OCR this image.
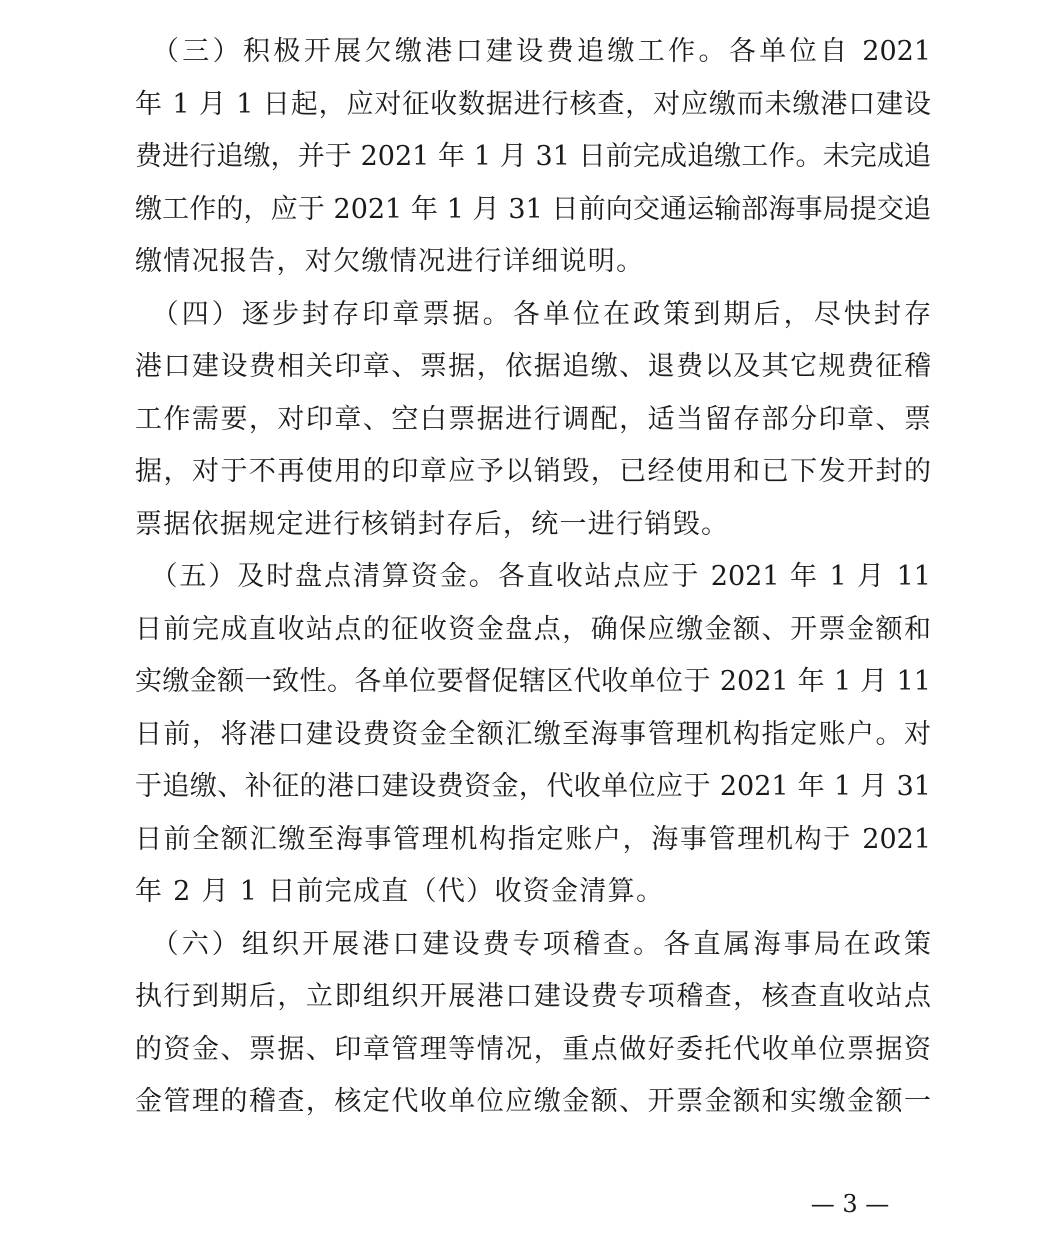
　（三）积极开展欠缴港口建设费追缴工作。各单位自 2021
年 1 月 1 日起，应对征收数据进行核查，对应缴而未缴港口建设
费进行追缴，并于 2021 年 1 月 31 日前完成追缴工作。未完成追
缴工作的，应于 2021 年 1 月 31 日前向交通运输部海事局提交追
缴情况报告，对欠缴情况进行详细说明。
　（四）逐步封存印章票据。各单位在政策到期后，尽快封存
港口建设费相关印章、票据，依据追缴、退费以及其它规费征稽
工作需要，对印章、空白票据进行调配，适当留存部分印章、票
据，对于不再使用的印章应予以销毁，已经使用和已下发开封的
票据依据规定进行核销封存后，统一进行销毁。
　（五）及时盘点清算资金。各直收站点应于 2021 年 1 月 11
日前完成直收站点的征收资金盘点，确保应缴金额、开票金额和
实缴金额一致性。各单位要督促辖区代收单位于 2021 年 1 月 11
日前，将港口建设费资金全额汇缴至海事管理机构指定账户。对
于追缴、补征的港口建设费资金，代收单位应于 2021 年 1 月 31
日前全额汇缴至海事管理机构指定账户，海事管理机构于 2021
年 2 月 1 日前完成直（代）收资金清算。
　（六）组织开展港口建设费专项稽查。各直属海事局在政策
执行到期后，立即组织开展港口建设费专项稽查，核查直收站点
的资金、票据、印章管理等情况，重点做好委托代收单位票据资
金管理的稽查，核定代收单位应缴金额、开票金额和实缴金额一
— 3 —
